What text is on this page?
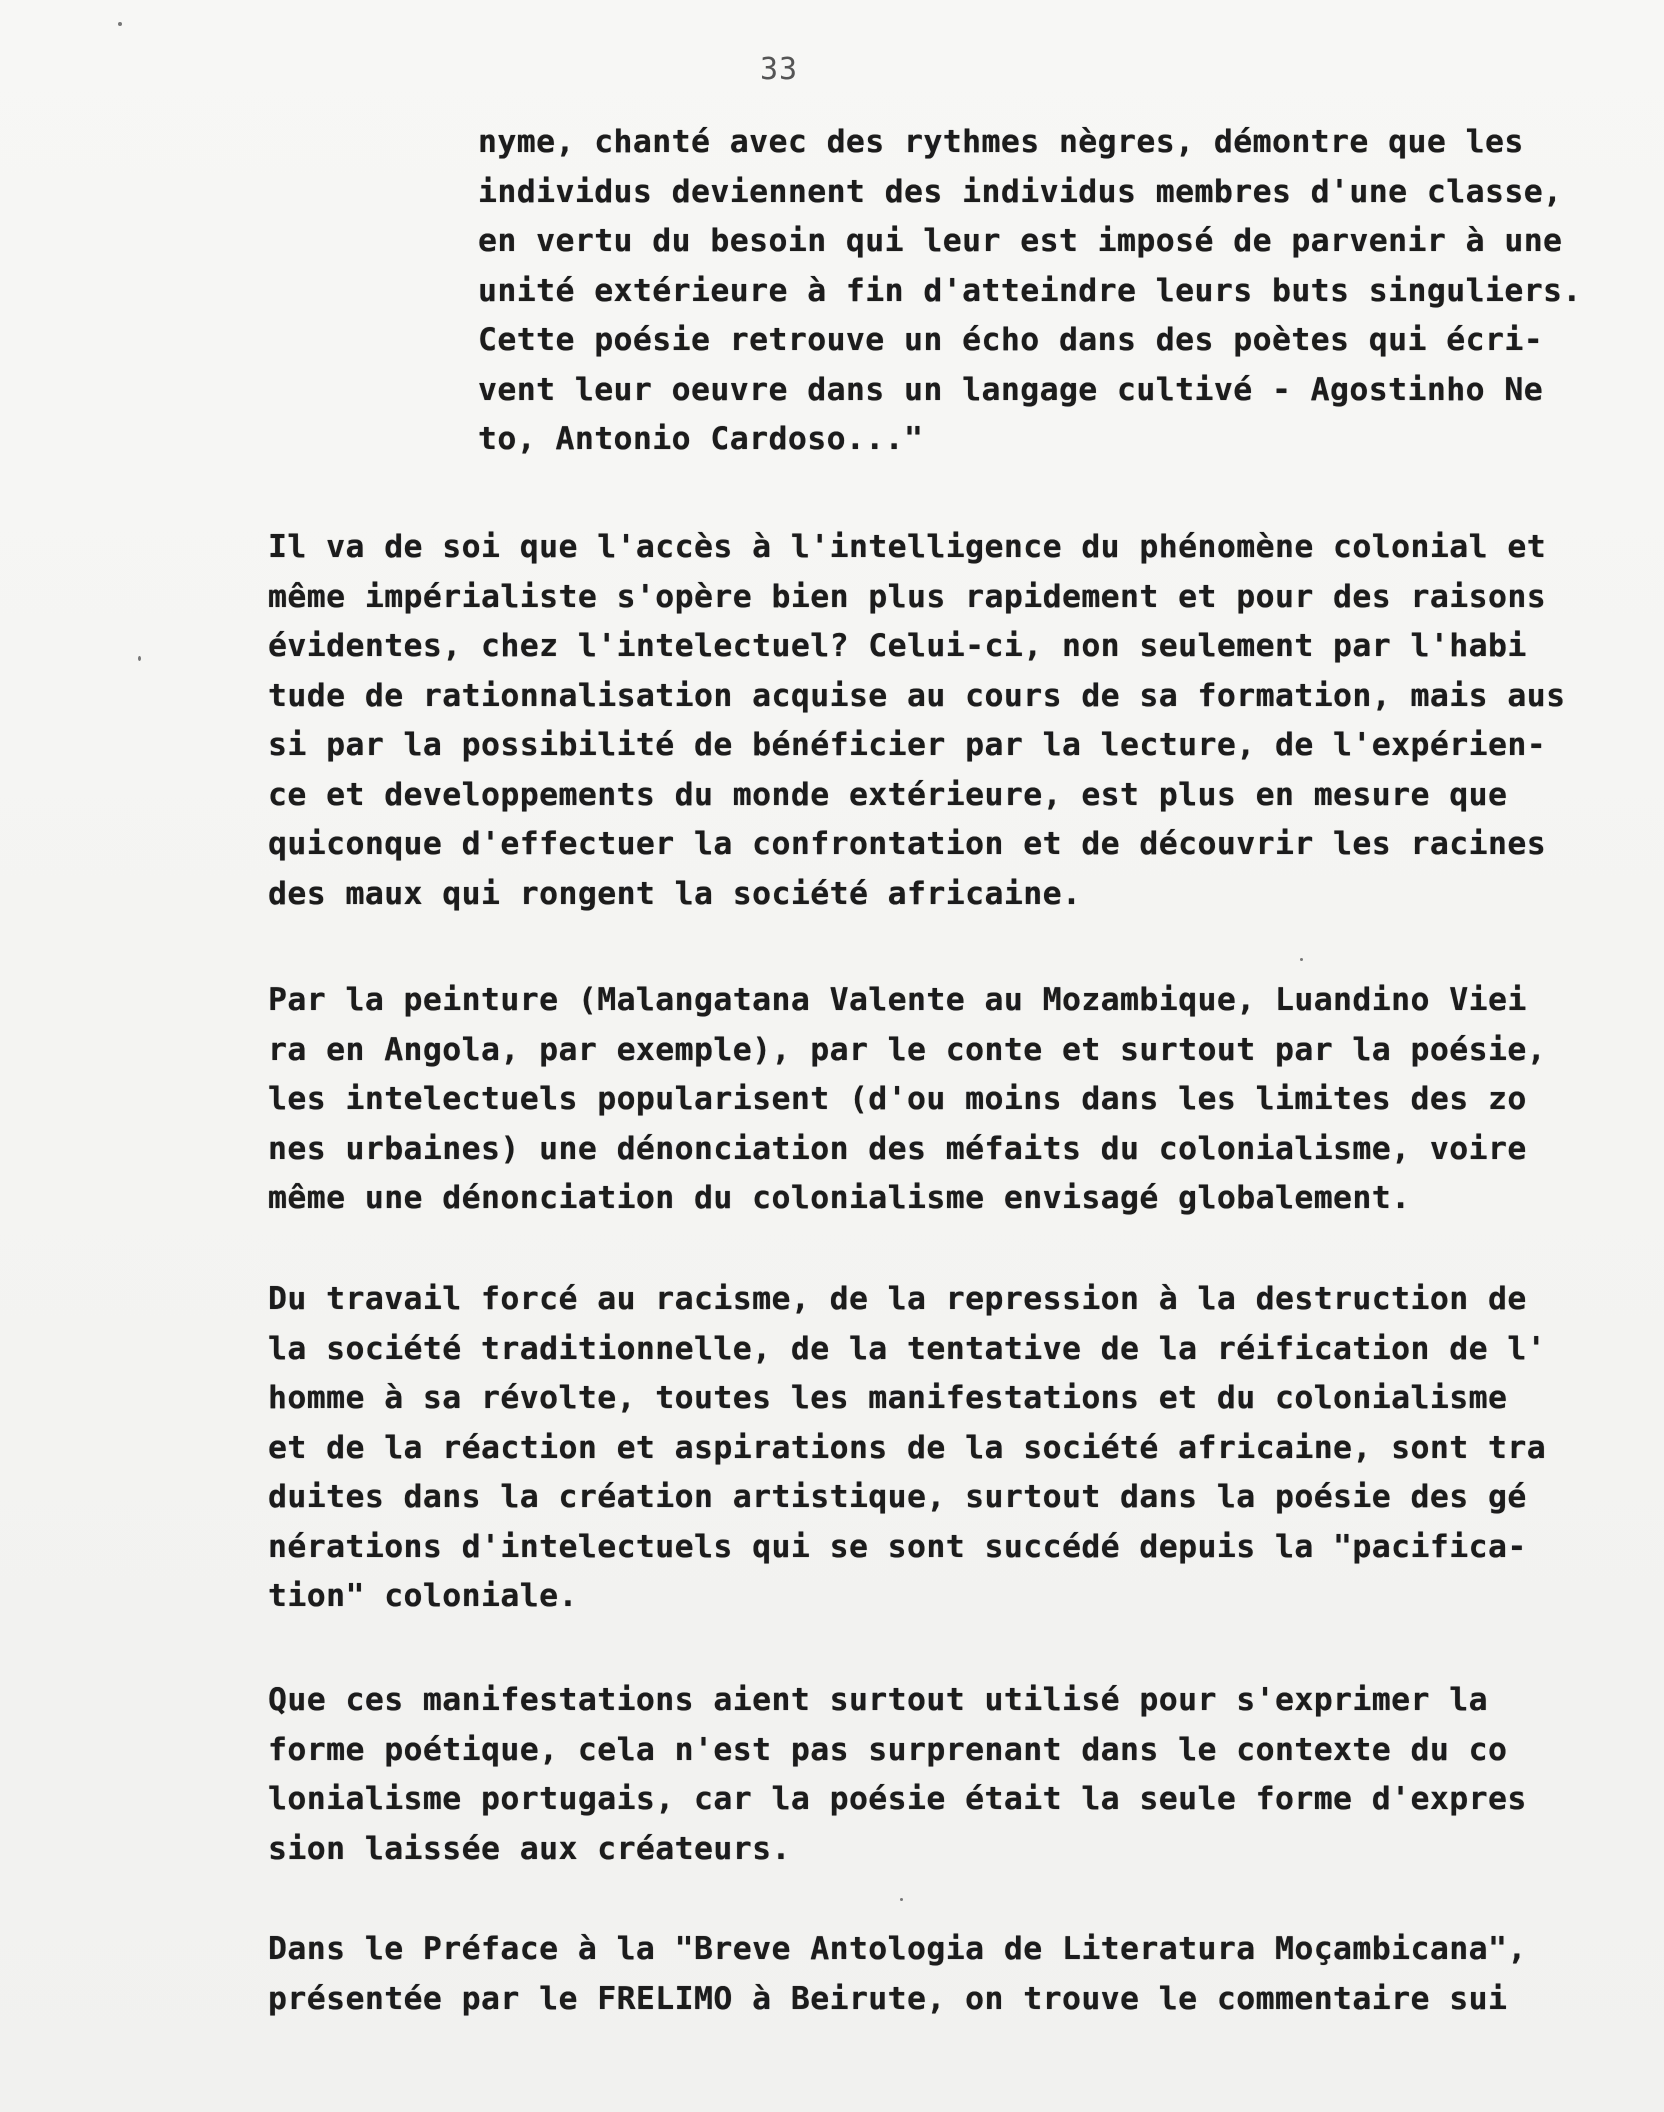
33
nyme, chanté avec des rythmes nègres, démontre que les
individus deviennent des individus membres d'une classe,
en vertu du besoin qui leur est imposé de parvenir à une
unité extérieure à fin d'atteindre leurs buts singuliers.
Cette poésie retrouve un écho dans des poètes qui écri-
vent leur oeuvre dans un langage cultivé - Agostinho Ne
to, Antonio Cardoso..."
Il va de soi que l'accès à l'intelligence du phénomène colonial et
même impérialiste s'opère bien plus rapidement et pour des raisons
évidentes, chez l'intelectuel? Celui-ci, non seulement par l'habi
tude de rationnalisation acquise au cours de sa formation, mais aus
si par la possibilité de bénéficier par la lecture, de l'expérien-
ce et developpements du monde extérieure, est plus en mesure que
quiconque d'effectuer la confrontation et de découvrir les racines
des maux qui rongent la société africaine.
Par la peinture (Malangatana Valente au Mozambique, Luandino Viei
ra en Angola, par exemple), par le conte et surtout par la poésie,
les intelectuels popularisent (d'ou moins dans les limites des zo
nes urbaines) une dénonciation des méfaits du colonialisme, voire
même une dénonciation du colonialisme envisagé globalement.
Du travail forcé au racisme, de la repression à la destruction de
la société traditionnelle, de la tentative de la réification de l'
homme à sa révolte, toutes les manifestations et du colonialisme
et de la réaction et aspirations de la société africaine, sont tra
duites dans la création artistique, surtout dans la poésie des gé
nérations d'intelectuels qui se sont succédé depuis la "pacifica-
tion" coloniale.
Que ces manifestations aient surtout utilisé pour s'exprimer la
forme poétique, cela n'est pas surprenant dans le contexte du co
lonialisme portugais, car la poésie était la seule forme d'expres
sion laissée aux créateurs.
Dans le Préface à la "Breve Antologia de Literatura Moçambicana",
présentée par le FRELIMO à Beirute, on trouve le commentaire sui
